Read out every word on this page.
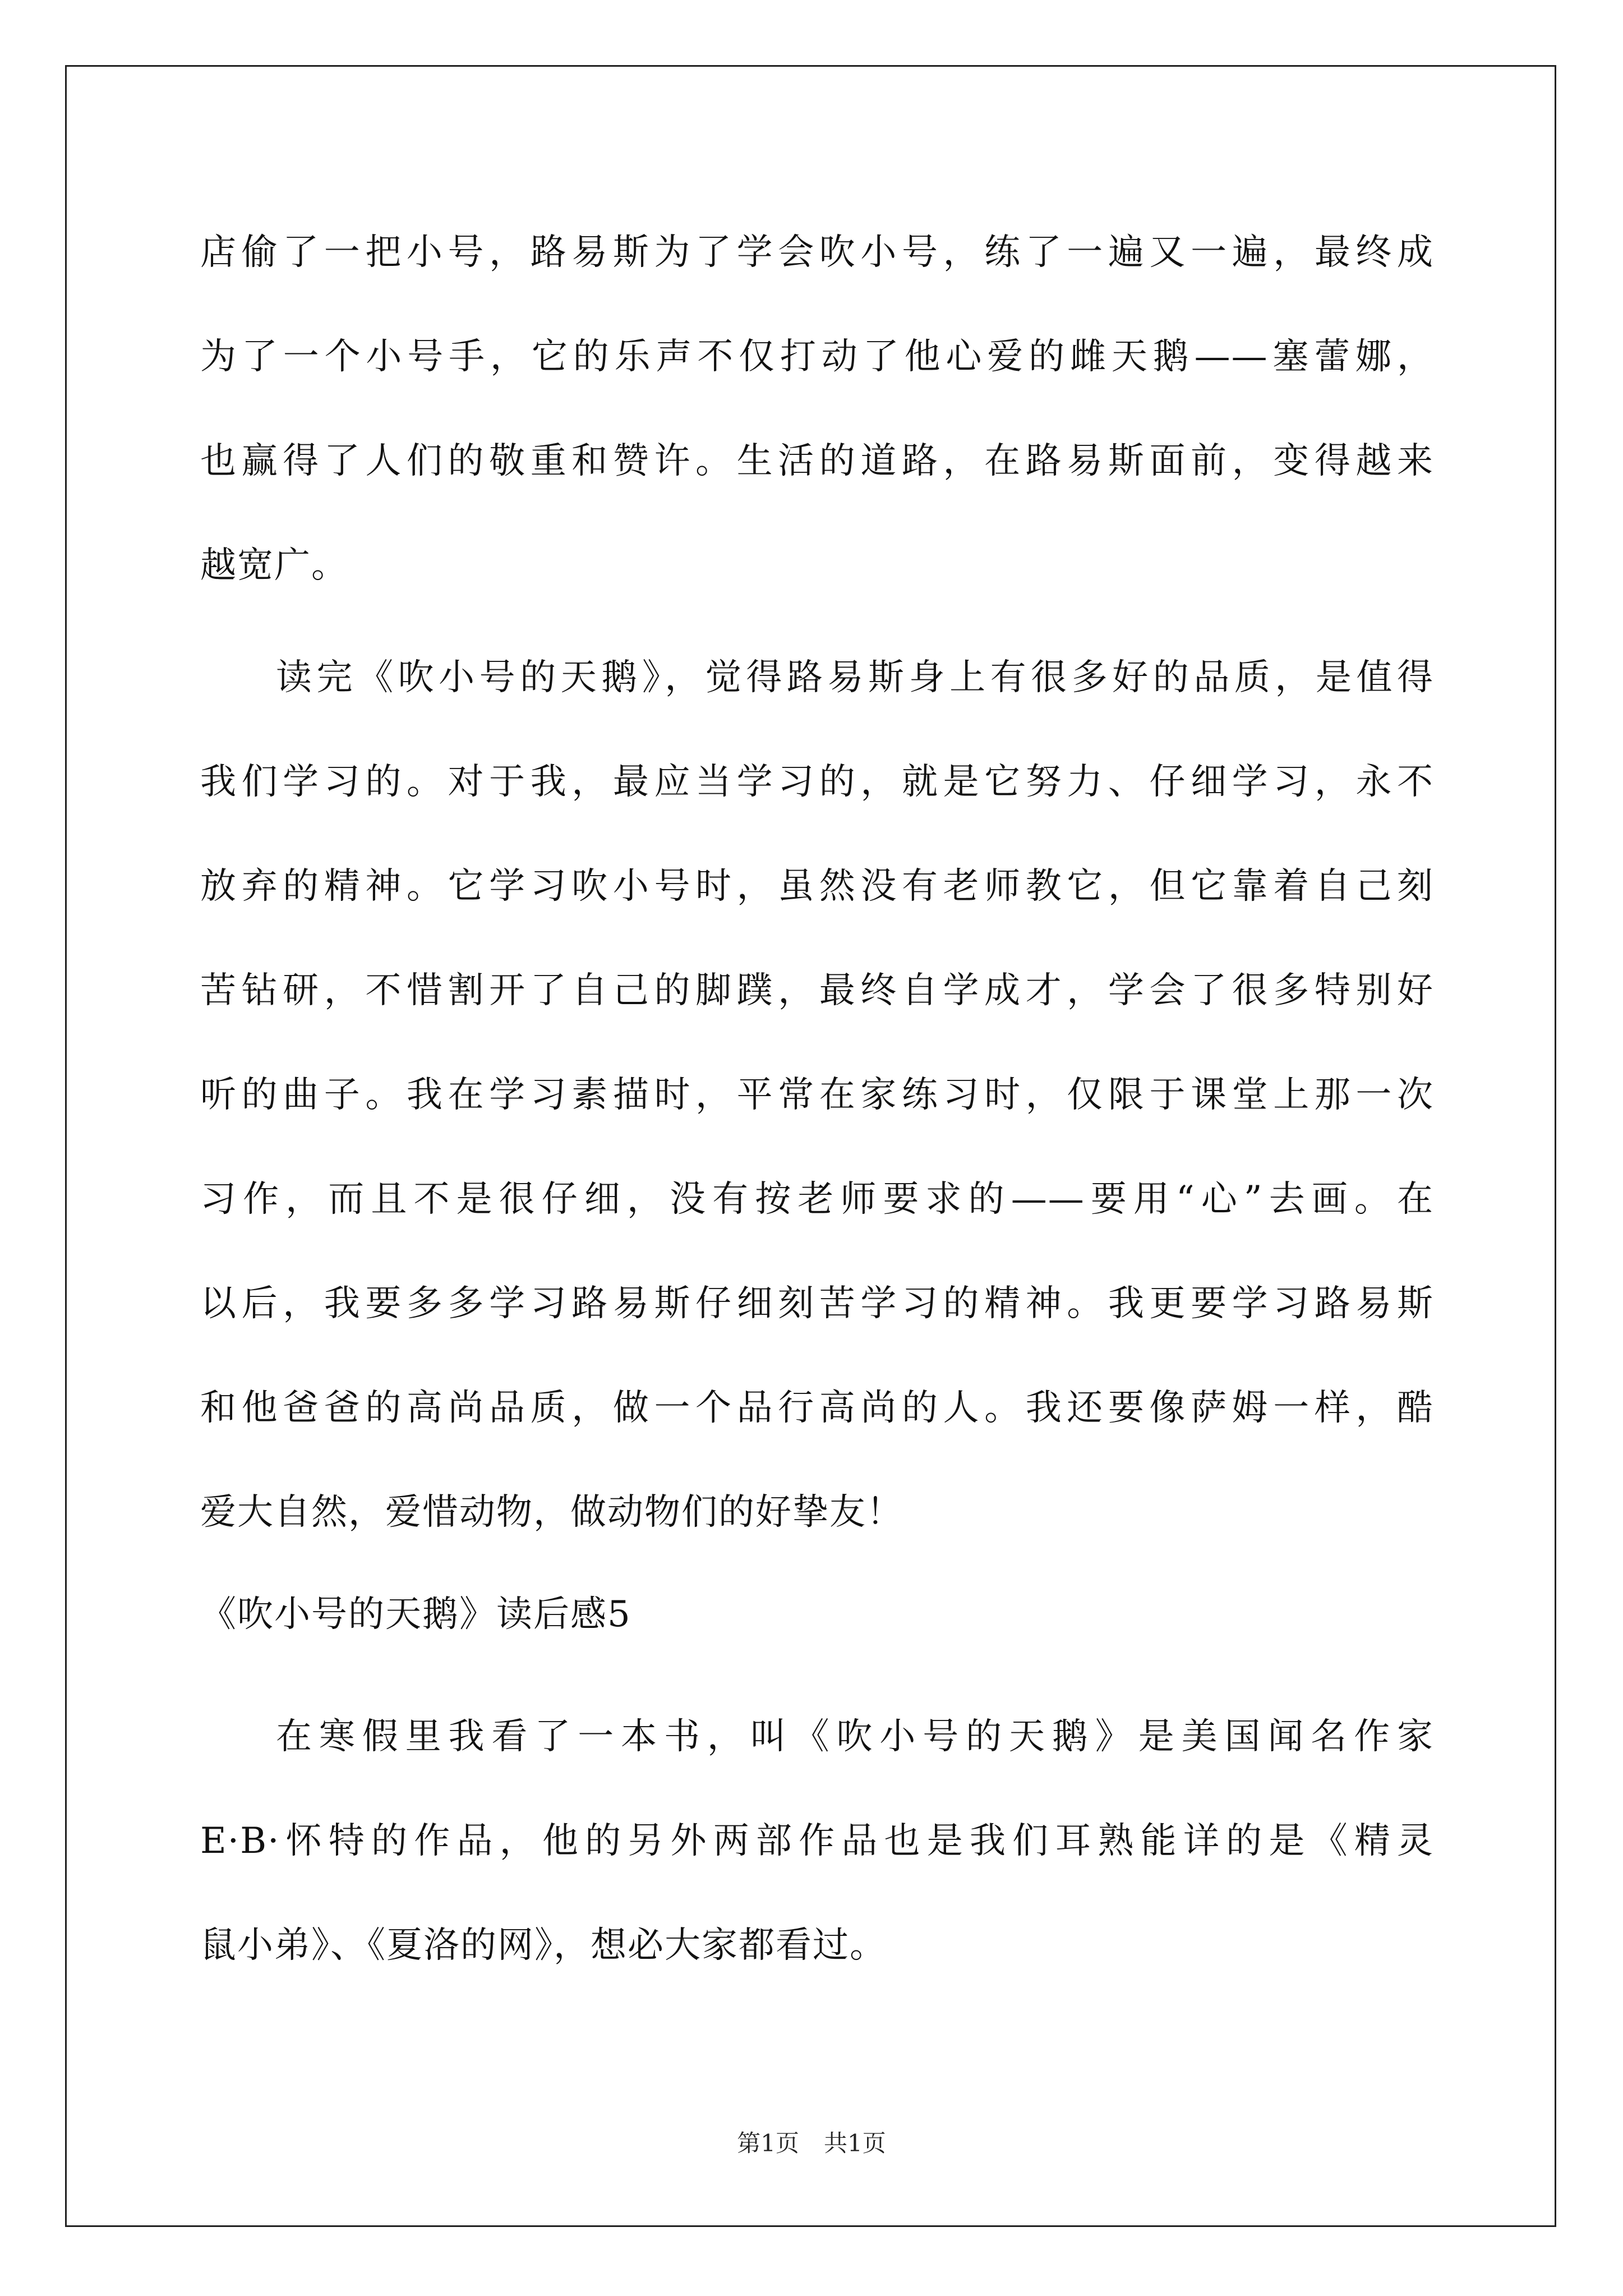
店偷了一把小号，路易斯为了学会吹小号，练了一遍又一遍，最终成
为了一个小号手，它的乐声不仅打动了他心爱的雌天鹅——塞蕾娜，
也赢得了人们的敬重和赞许。生活的道路，在路易斯面前，变得越来
越宽广。
读完《吹小号的天鹅》，觉得路易斯身上有很多好的品质，是值得
我们学习的。对于我，最应当学习的，就是它努力、仔细学习，永不
放弃的精神。它学习吹小号时，虽然没有老师教它，但它靠着自己刻
苦钻研，不惜割开了自己的脚蹼，最终自学成才，学会了很多特别好
听的曲子。我在学习素描时，平常在家练习时，仅限于课堂上那一次
习作，而且不是很仔细，没有按老师要求的——要用“心”去画。在
以后，我要多多学习路易斯仔细刻苦学习的精神。我更要学习路易斯
和他爸爸的高尚品质，做一个品行高尚的人。我还要像萨姆一样，酷
爱大自然，爱惜动物，做动物们的好挚友！
《吹小号的天鹅》读后感5
在寒假里我看了一本书，叫《吹小号的天鹅》是美国闻名作家
E·B·怀特的作品，他的另外两部作品也是我们耳熟能详的是《精灵
鼠小弟》、《夏洛的网》，想必大家都看过。
第1页 共1页
